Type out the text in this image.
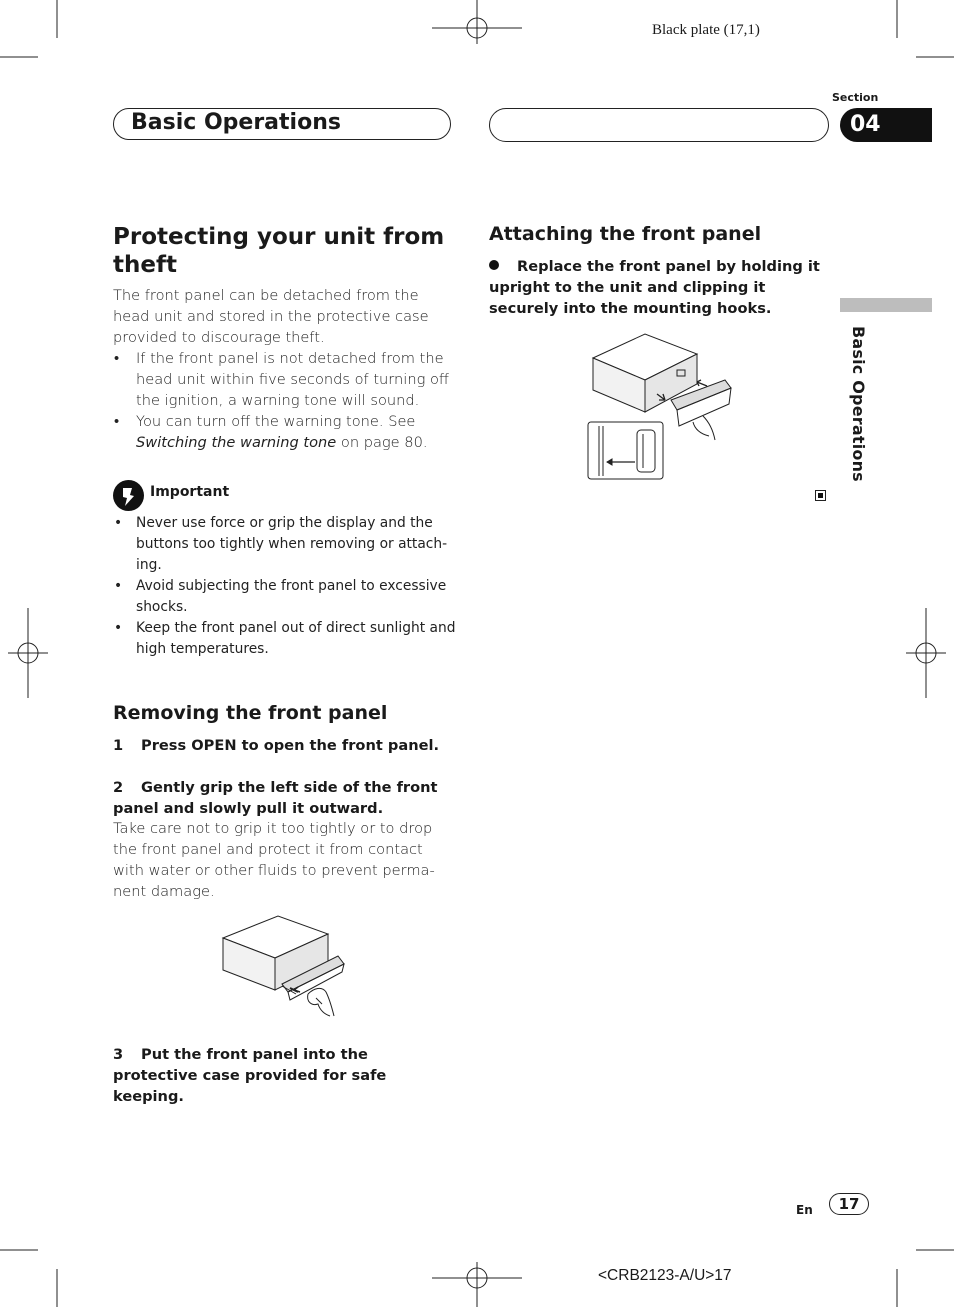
Black plate (17,1)
Section
Basic Operations	04
Basic Operations
Protecting your unit from theft
The front panel can be detached from the head unit and stored in the protective case provided to discourage theft.
• If the front panel is not detached from the head unit within five seconds of turning off the ignition, a warning tone will sound.
• You can turn off the warning tone. See
Switching the warning tone on page 80.
Important
• Never use force or grip the display and the buttons too tightly when removing or attach-ing.
• Avoid subjecting the front panel to excessive shocks.
• Keep the front panel out of direct sunlight and high temperatures.
Removing the front panel
1 Press OPEN to open the front panel.
2 Gently grip the left side of the front panel and slowly pull it outward.
Take care not to grip it too tightly or to drop the front panel and protect it from contact with water or other fluids to prevent perma-nent damage.
3 Put the front panel into the protective case provided for safe keeping.
Attaching the front panel
Replace the front panel by holding it upright to the unit and clipping it securely into the mounting hooks.
En	17
<CRB2123-A/U>17
